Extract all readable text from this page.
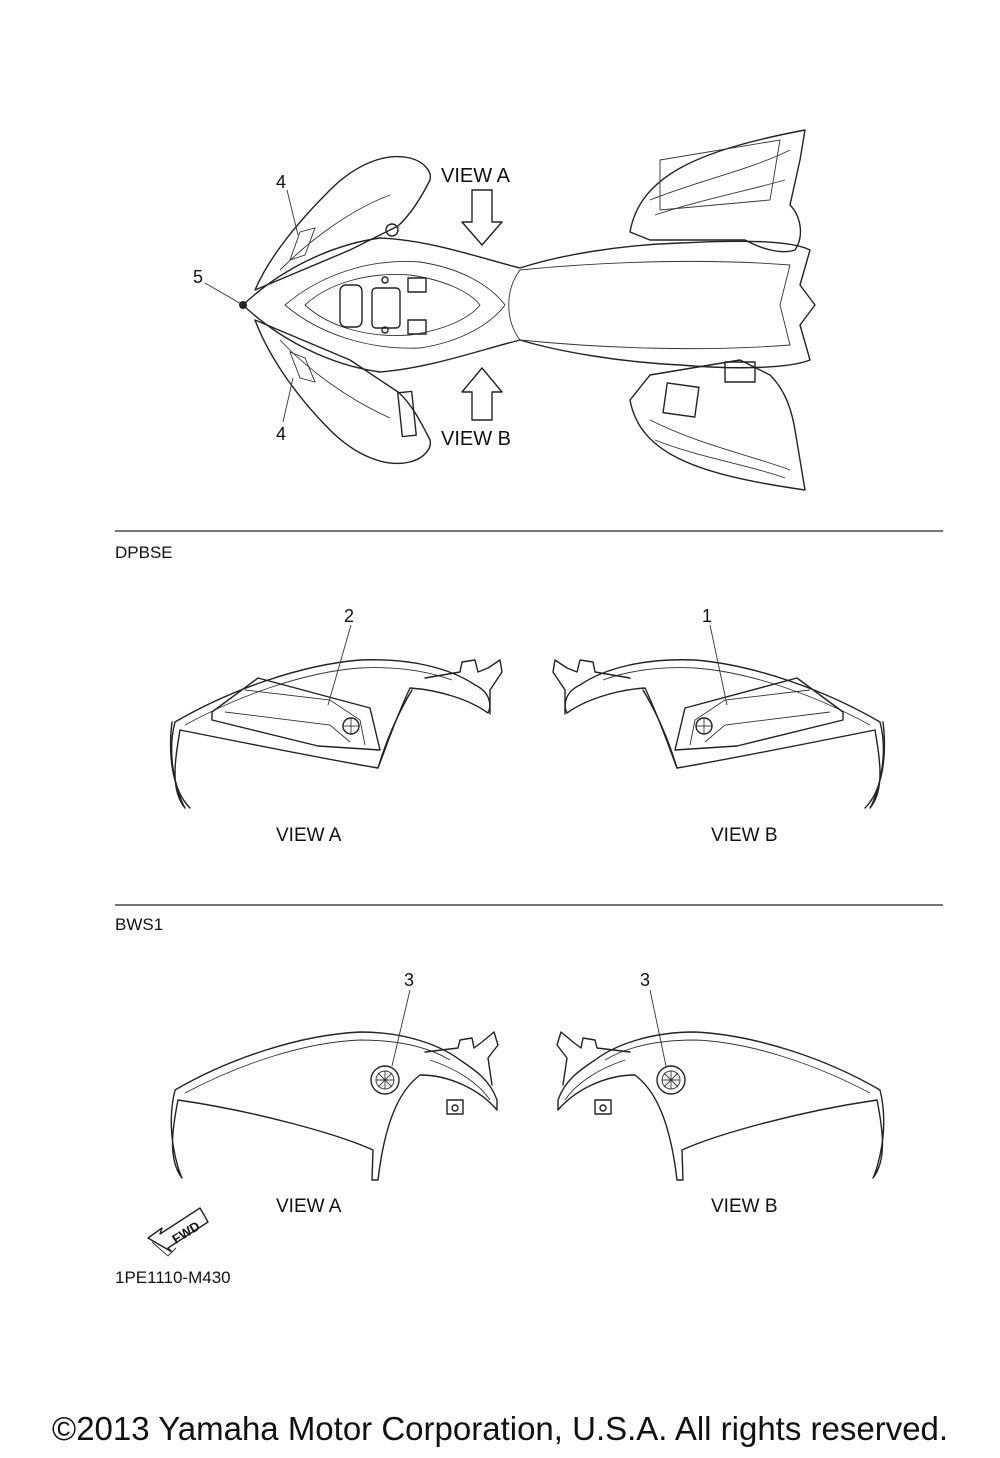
VIEW A
VIEW B
4
5
4
DPBSE
2
VIEW A
1
VIEW B
BWS1
3
VIEW A
3
VIEW B
FWD
1PE1110-M430
©2013 Yamaha Motor Corporation, U.S.A. All rights reserved.
